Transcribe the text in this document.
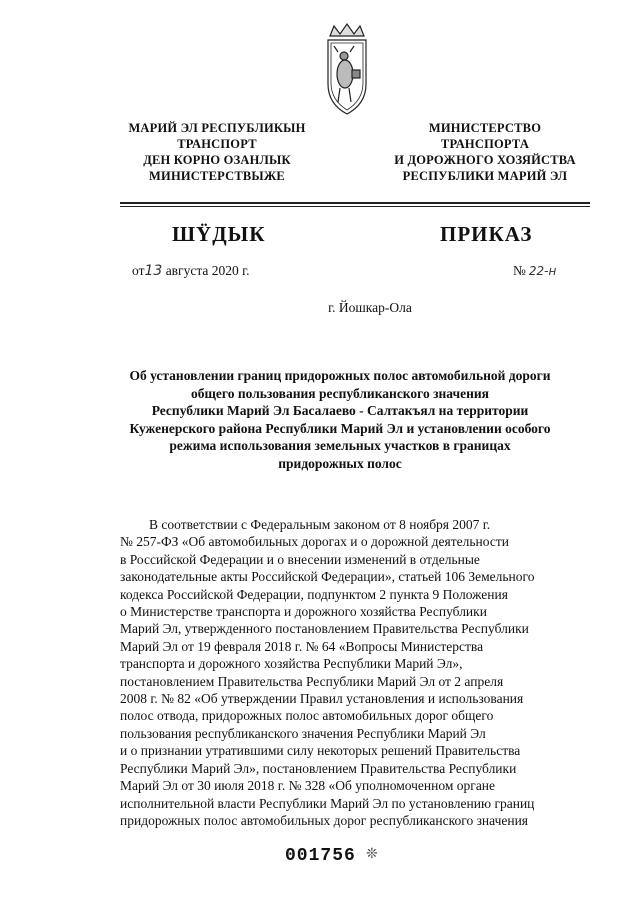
МАРИЙ ЭЛ РЕСПУБЛИКЫН
ТРАНСПОРТ
ДЕН КОРНО ОЗАНЛЫК
МИНИСТЕРСТВЫЖЕ
МИНИСТЕРСТВО
ТРАНСПОРТА
И ДОРОЖНОГО ХОЗЯЙСТВА
РЕСПУБЛИКИ МАРИЙ ЭЛ
ШŸДЫК	ПРИКАЗ
от13 августа 2020 г.	№ 22-н
г. Йошкар-Ола
Об установлении границ придорожных полос автомобильной дороги
общего пользования республиканского значения
Республики Марий Эл Басалаево - Салтакъял на территории
Куженерского района Республики Марий Эл и установлении особого
режима использования земельных участков в границах
придорожных полос

В соответствии с Федеральным законом от 8 ноября 2007 г.
№ 257-ФЗ «Об автомобильных дорогах и о дорожной деятельности
в Российской Федерации и о внесении изменений в отдельные
законодательные акты Российской Федерации», статьей 106 Земельного
кодекса Российской Федерации, подпунктом 2 пункта 9 Положения
о Министерстве транспорта и дорожного хозяйства Республики
Марий Эл, утвержденного постановлением Правительства Республики
Марий Эл от 19 февраля 2018 г. № 64 «Вопросы Министерства
транспорта и дорожного хозяйства Республики Марий Эл»,
постановлением Правительства Республики Марий Эл от 2 апреля
2008 г. № 82 «Об утверждении Правил установления и использования
полос отвода, придорожных полос автомобильных дорог общего
пользования республиканского значения Республики Марий Эл
и о признании утратившими силу некоторых решений Правительства
Республики Марий Эл», постановлением Правительства Республики
Марий Эл от 30 июля 2018 г. № 328 «Об уполномоченном органе
исполнительной власти Республики Марий Эл по установлению границ
придорожных полос автомобильных дорог республиканского значения

001756 ❊
